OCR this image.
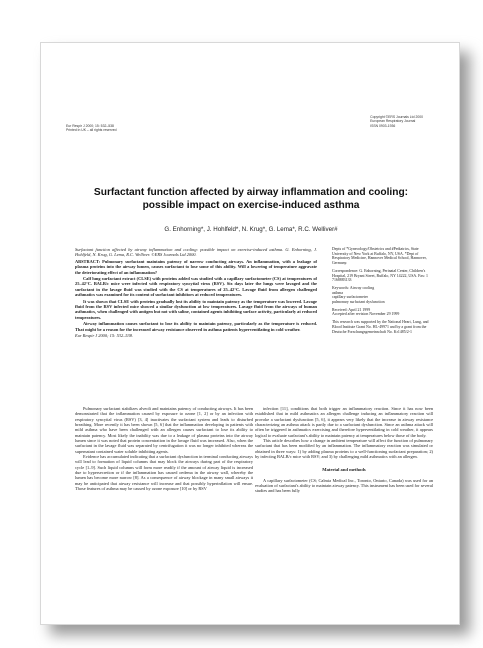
Eur Respir J 2000; 15: 532–538
Printed in UK – all rights reserved
Copyright ©ERS Journals Ltd 2000
European Respiratory Journal
ISSN 0903-1936
Surfactant function affected by airway inflammation and cooling:
possible impact on exercise-induced asthma
G. Enhorning*, J. Hohlfeld*, N. Krug*, G. Lema*, R.C. Welliver#

Surfactant function affected by airway inflammation and cooling: possible impact on exercise-induced asthma. G. Enhorning, J. Hohlfeld, N. Krug, G. Lema, R.C. Welliver. ©ERS Journals Ltd 2000.

ABSTRACT: Pulmonary surfactant maintains patency of narrow conducting airways. An inflammation, with a leakage of plasma proteins into the airway lumen, causes surfactant to lose some of this ability. Will a lowering of temperature aggravate the deteriorating effect of an inflammation?

Calf lung surfactant extract (CLSE) with proteins added was studied with a capillary surfactometer (CS) at temperatures of 25–42°C. BALB/c mice were infected with respiratory syncytial virus (RSV). Six days later the lungs were lavaged and the surfactant in the lavage fluid was studied with the CS at temperatures of 25–42°C. Lavage fluid from allergen challenged asthmatics was examined for its content of surfactant inhibitors at reduced temperatures.

It was shown that CLSE with proteins gradually lost its ability to maintain patency as the temperature was lowered. Lavage fluid from the RSV infected mice showed a similar dysfunction at low temperatures. Lavage fluid from the airways of human asthmatics, when challenged with antigen but not with saline, contained agents inhibiting surface activity, particularly at reduced temperatures.

Airway inflammation causes surfactant to lose its ability to maintain patency, particularly as the temperature is reduced. That might be a reason for the increased airway resistance observed in asthma patients hyperventilating in cold weather.

Eur Respir J 2000; 15: 532–538.

Depts of *Gynecology/Obstetrics and #Pediatrics, State University of New York at Buffalo, NY, USA. *Dept of Respiratory Medicine, Hannover Medical School, Hannover, Germany.

Correspondence: G. Enhorning, Perinatal Center, Children's Hospital, 219 Bryant Street, Buffalo, NY 14222, USA. Fax: 1 7168883133

Keywords: Airway cooling
asthma
capillary surfactometer
pulmonary surfactant dysfunction

Received: April 21 1999
Accepted after revision November 29 1999

This research was supported by the National Heart, Lung, and Blood Institute Grant No. HL-49971 and by a grant from the Deutsche Forschungsgemeinschaft No. Kr1485/2-1

Pulmonary surfactant stabilizes alveoli and maintains patency of conducting airways. It has been demonstrated that the inflammation caused by exposure to ozone [1, 2] or by an infection with respiratory syncytial virus (RSV) [3, 4] inactivates the surfactant system and leads to disturbed breathing. More recently it has been shown [5, 6] that the inflammation developing in patients with mild asthma who have been challenged with an allergen causes surfactant to lose its ability to maintain patency. Most likely the inability was due to a leakage of plasma proteins into the airway lumen since it was noted that protein concentration in the lavage fluid was increased. Also, when the surfactant in the lavage fluid was separated by centrifugation it was no longer inhibited whereas the supernatant contained water soluble inhibiting agents.

Evidence has accumulated indicating that a surfactant dysfunction in terminal conducting airways will lead to formation of liquid columns that may block the airways during part of the respiratory cycle [1–9]. Such liquid columns will form more readily if the amount of airway liquid is increased due to hypersecretion or if the inflammation has caused oedema in the airway wall, whereby the lumen has become more narrow [8]. As a consequence of airway blockage in many small airways it may be anticipated that airway resistance will increase and that possibly hyperinflation will ensue. Those features of asthma may be caused by ozone exposure [10] or by RSV

infection [11], conditions that both trigger an inflammatory reaction. Since it has now been established that in mild asthmatics an allergen challenge inducing an inflammatory reaction will provoke a surfactant dysfunction [5, 6], it appears very likely that the increase in airway resistance characterizing an asthma attack is partly due to a surfactant dysfunction. Since an asthma attack will often be triggered in asthmatics exercising and therefore hyperventilating in cold weather, it appears logical to evaluate surfactant's ability to maintain patency at temperatures below those of the body.

This article describes how a change in ambient temperature will affect the function of pulmonary surfactant that has been modified by an inflammation. The inflammatory reaction was simulated or obtained in three ways: 1) by adding plasma proteins to a well-functioning surfactant preparation; 2) by infecting BALB/c mice with RSV; and 3) by challenging mild asthmatics with an allergen.

Material and methods

A capillary surfactometer (CS; Calmia Medical Inc., Toronto, Ontario, Canada) was used for an evaluation of surfactant's ability to maintain airway patency. This instrument has been used for several studies and has been fully
